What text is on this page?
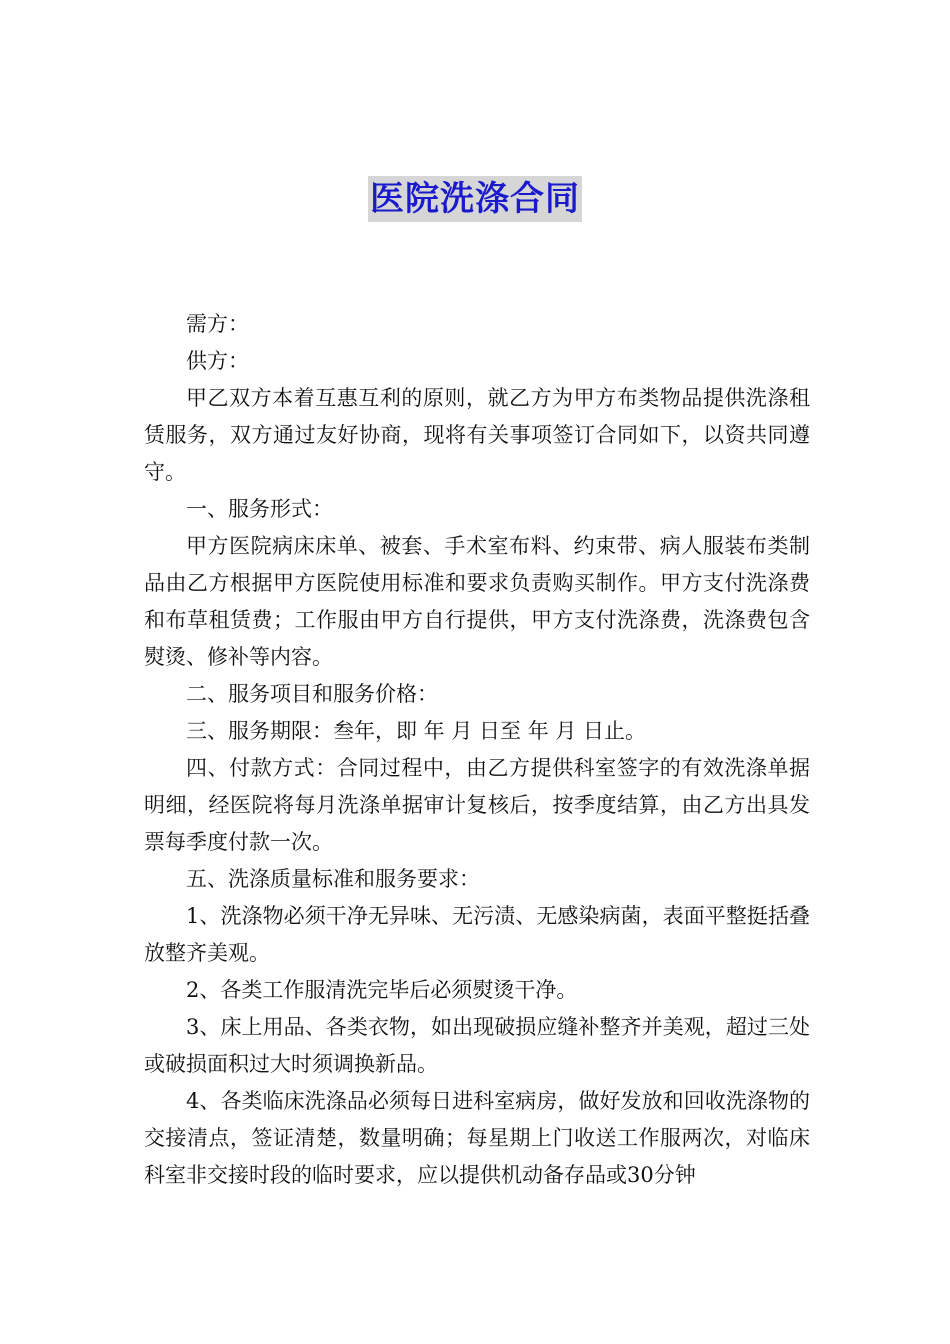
医院洗涤合同

需方：

供方：

甲乙双方本着互惠互利的原则，就乙方为甲方布类物品提供洗涤租赁服务，双方通过友好协商，现将有关事项签订合同如下，以资共同遵守。

一、服务形式：

甲方医院病床床单、被套、手术室布料、约束带、病人服装布类制品由乙方根据甲方医院使用标准和要求负责购买制作。甲方支付洗涤费和布草租赁费；工作服由甲方自行提供，甲方支付洗涤费，洗涤费包含熨烫、修补等内容。

二、服务项目和服务价格：

三、服务期限：叁年，即 年 月 日至 年 月 日止。

四、付款方式：合同过程中，由乙方提供科室签字的有效洗涤单据明细，经医院将每月洗涤单据审计复核后，按季度结算，由乙方出具发票每季度付款一次。

五、洗涤质量标准和服务要求：

1、洗涤物必须干净无异味、无污渍、无感染病菌，表面平整挺括叠放整齐美观。

2、各类工作服清洗完毕后必须熨烫干净。

3、床上用品、各类衣物，如出现破损应缝补整齐并美观，超过三处或破损面积过大时须调换新品。

4、各类临床洗涤品必须每日进科室病房，做好发放和回收洗涤物的交接清点，签证清楚，数量明确；每星期上门收送工作服两次，对临床科室非交接时段的临时要求，应以提供机动备存品或30分钟
